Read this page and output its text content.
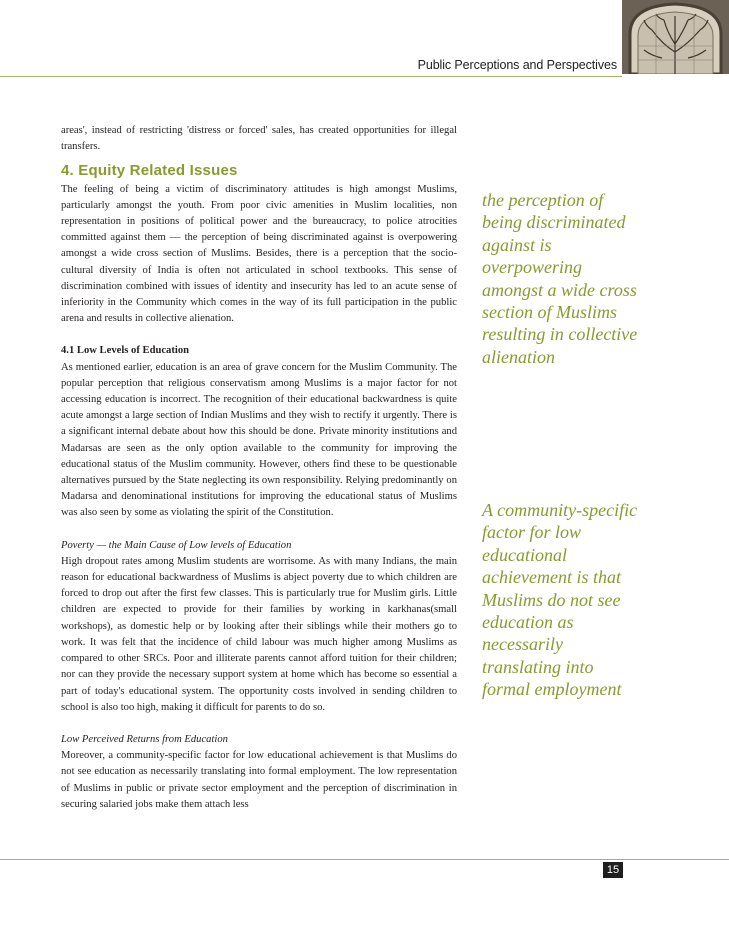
Public Perceptions and Perspectives

areas', instead of restricting 'distress or forced' sales, has created opportunities for illegal transfers.

4. Equity Related Issues

The feeling of being a victim of discriminatory attitudes is high amongst Muslims, particularly amongst the youth. From poor civic amenities in Muslim localities, non representation in positions of political power and the bureaucracy, to police atrocities committed against them — the perception of being discriminated against is overpowering amongst a wide cross section of Muslims. Besides, there is a perception that the socio-cultural diversity of India is often not articulated in school textbooks. This sense of discrimination combined with issues of identity and insecurity has led to an acute sense of inferiority in the Community which comes in the way of its full participation in the public arena and results in collective alienation.

4.1 Low Levels of Education

As mentioned earlier, education is an area of grave concern for the Muslim Community. The popular perception that religious conservatism among Muslims is a major factor for not accessing education is incorrect. The recognition of their educational backwardness is quite acute amongst a large section of Indian Muslims and they wish to rectify it urgently. There is a significant internal debate about how this should be done. Private minority institutions and Madarsas are seen as the only option available to the community for improving the educational status of the Muslim community. However, others find these to be questionable alternatives pursued by the State neglecting its own responsibility. Relying predominantly on Madarsa and denominational institutions for improving the educational status of Muslims was also seen by some as violating the spirit of the Constitution.

Poverty — the Main Cause of Low levels of Education

High dropout rates among Muslim students are worrisome. As with many Indians, the main reason for educational backwardness of Muslims is abject poverty due to which children are forced to drop out after the first few classes. This is particularly true for Muslim girls. Little children are expected to provide for their families by working in karkhanas(small workshops), as domestic help or by looking after their siblings while their mothers go to work. It was felt that the incidence of child labour was much higher among Muslims as compared to other SRCs. Poor and illiterate parents cannot afford tuition for their children; nor can they provide the necessary support system at home which has become so essential a part of today's educational system. The opportunity costs involved in sending children to school is also too high, making it difficult for parents to do so.

Low Perceived Returns from Education

Moreover, a community-specific factor for low educational achievement is that Muslims do not see education as necessarily translating into formal employment. The low representation of Muslims in public or private sector employment and the perception of discrimination in securing salaried jobs make them attach less

the perception of being discriminated against is overpowering amongst a wide cross section of Muslims resulting in collective alienation

A community-specific factor for low educational achievement is that Muslims do not see education as necessarily translating into formal employment

15
